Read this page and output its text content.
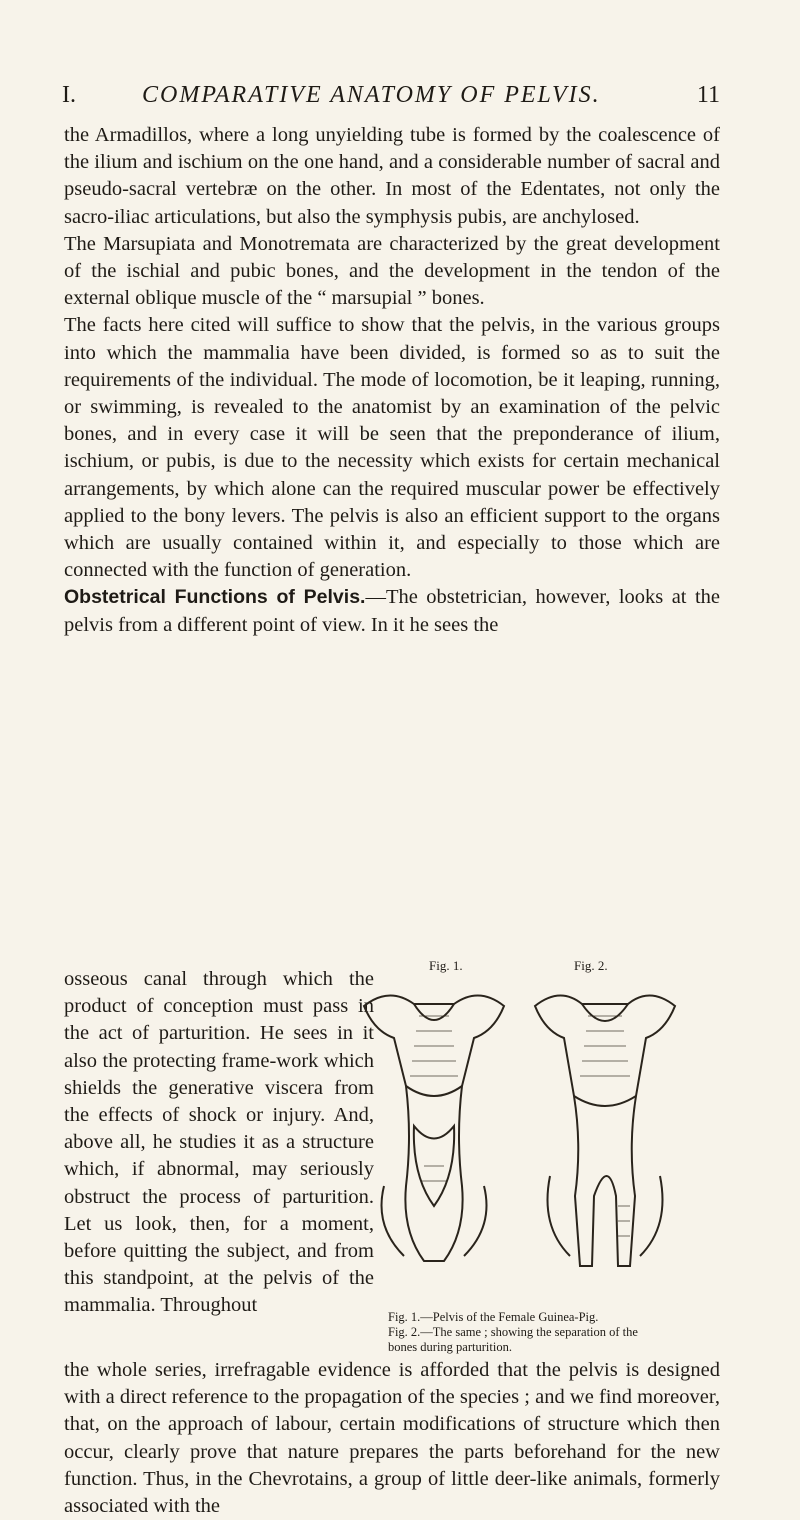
I.	COMPARATIVE ANATOMY OF PELVIS.	11

the Armadillos, where a long unyielding tube is formed by the coalescence of the ilium and ischium on the one hand, and a considerable number of sacral and pseudo-sacral vertebræ on the other. In most of the Edentates, not only the sacro-iliac articulations, but also the symphysis pubis, are anchylosed.

The Marsupiata and Monotremata are characterized by the great development of the ischial and pubic bones, and the development in the tendon of the external oblique muscle of the “ marsupial ” bones.

The facts here cited will suffice to show that the pelvis, in the various groups into which the mammalia have been divided, is formed so as to suit the requirements of the individual. The mode of locomotion, be it leaping, running, or swimming, is revealed to the anatomist by an examination of the pelvic bones, and in every case it will be seen that the preponderance of ilium, ischium, or pubis, is due to the necessity which exists for certain mechanical arrangements, by which alone can the required muscular power be effectively applied to the bony levers. The pelvis is also an efficient support to the organs which are usually contained within it, and especially to those which are connected with the function of generation.

Obstetrical Functions of Pelvis.—The obstetrician, however, looks at the pelvis from a different point of view. In it he sees the

osseous canal through which the product of conception must pass in the act of parturition. He sees in it also the protecting frame-work which shields the generative viscera from the effects of shock or injury. And, above all, he studies it as a structure which, if abnormal, may seriously obstruct the process of parturition. Let us look, then, for a moment, before quitting the subject, and from this standpoint, at the pelvis of the mammalia. Throughout
Fig. 1.	Fig. 2.
Fig. 1.—Pelvis of the Female Guinea-Pig.
Fig. 2.—The same ; showing the separation of the
bones during parturition.

the whole series, irrefragable evidence is afforded that the pelvis is designed with a direct reference to the propagation of the species ; and we find moreover, that, on the approach of labour, certain modifications of structure which then occur, clearly prove that nature prepares the parts beforehand for the new function. Thus, in the Chevrotains, a group of little deer-like animals, formerly associated with the
